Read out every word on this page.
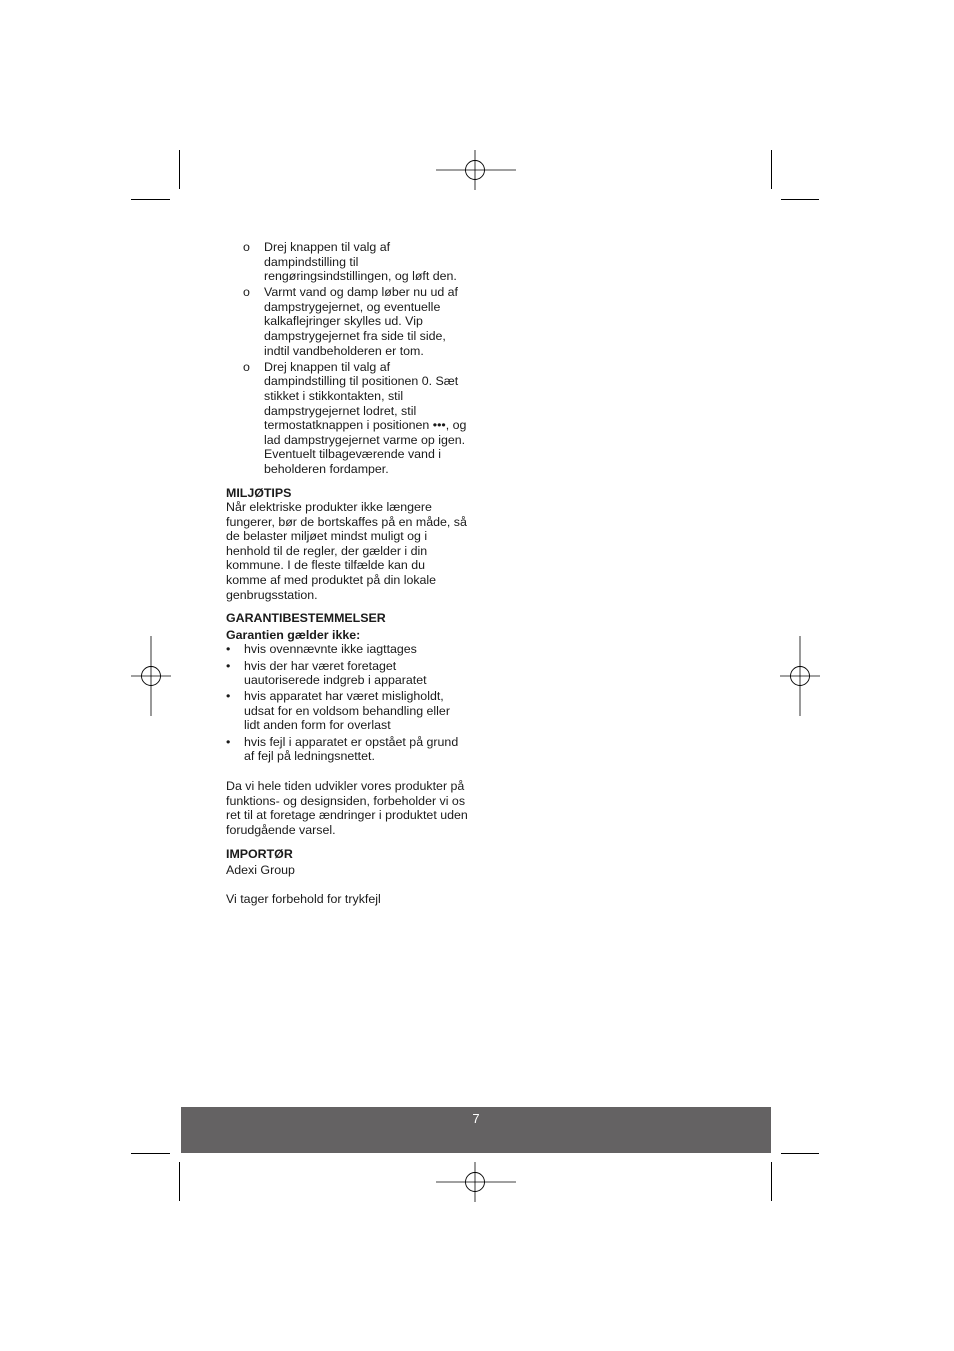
o Drej knappen til valg af dampindstilling til rengøringsindstillingen, og løft den.
o Varmt vand og damp løber nu ud af dampstrygejernet, og eventuelle kalkaflejringer skylles ud. Vip dampstrygejernet fra side til side, indtil vandbeholderen er tom.
o Drej knappen til valg af dampindstilling til positionen 0. Sæt stikket i stikkontakten, stil dampstrygejernet lodret, stil termostatknappen i positionen •••, og lad dampstrygejernet varme op igen. Eventuelt tilbageværende vand i beholderen fordamper.
MILJØTIPS

Når elektriske produkter ikke længere fungerer, bør de bortskaffes på en måde, så de belaster miljøet mindst muligt og i henhold til de regler, der gælder i din kommune. I de fleste tilfælde kan du komme af med produktet på din lokale genbrugsstation.

GARANTIBESTEMMELSER
Garantien gælder ikke:
• hvis ovennævnte ikke iagttages
• hvis der har været foretaget uautoriserede indgreb i apparatet
• hvis apparatet har været misligholdt, udsat for en voldsom behandling eller lidt anden form for overlast
• hvis fejl i apparatet er opstået på grund af fejl på ledningsnettet.

Da vi hele tiden udvikler vores produkter på funktions- og designsiden, forbeholder vi os ret til at foretage ændringer i produktet uden forudgående varsel.

IMPORTØR

Adexi Group

Vi tager forbehold for trykfejl

7
